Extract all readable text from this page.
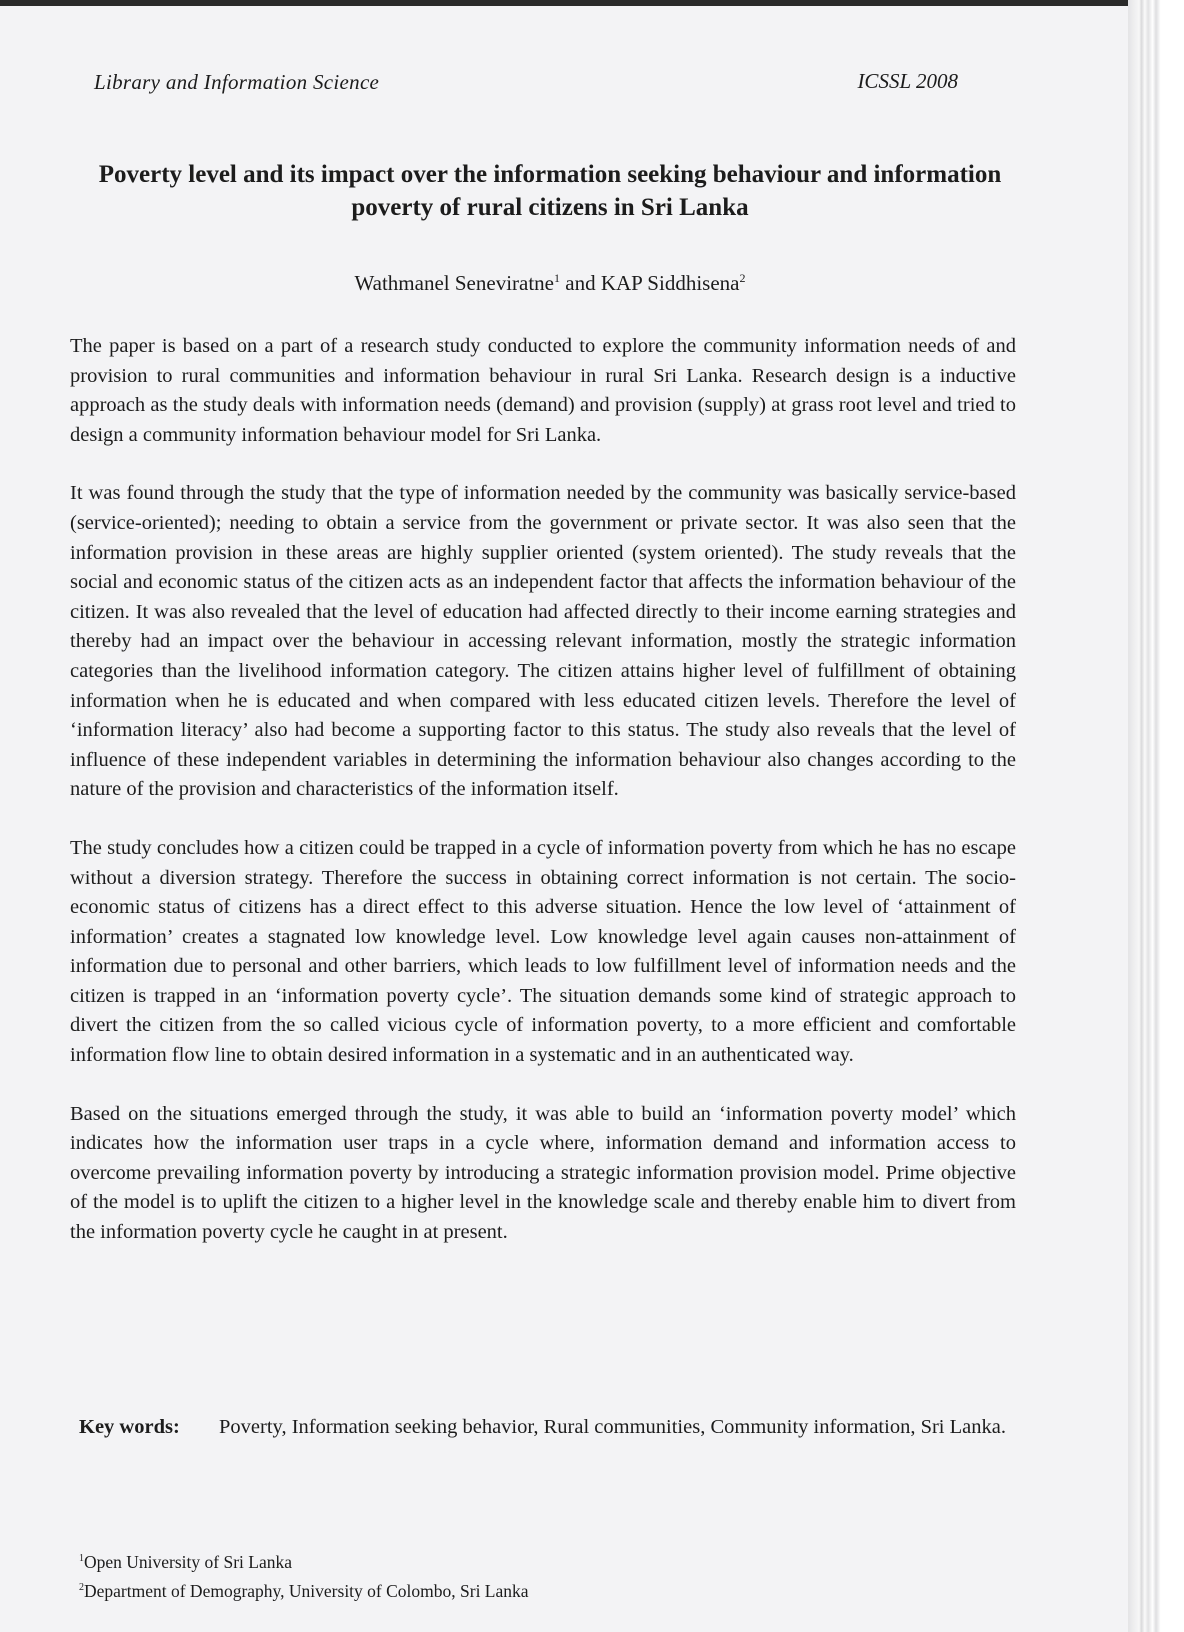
Library and Information Science	ICSSL 2008
Poverty level and its impact over the information seeking behaviour and information poverty of rural citizens in Sri Lanka
Wathmanel Seneviratne$^1$ and KAP Siddhisena$^2$

The paper is based on a part of a research study conducted to explore the community information needs of and provision to rural communities and information behaviour in rural Sri Lanka. Research design is a inductive approach as the study deals with information needs (demand) and provision (supply) at grass root level and tried to design a community information behaviour model for Sri Lanka.

It was found through the study that the type of information needed by the community was basically service-based (service-oriented); needing to obtain a service from the government or private sector. It was also seen that the information provision in these areas are highly supplier oriented (system oriented). The study reveals that the social and economic status of the citizen acts as an independent factor that affects the information behaviour of the citizen. It was also revealed that the level of education had affected directly to their income earning strategies and thereby had an impact over the behaviour in accessing relevant information, mostly the strategic information categories than the livelihood information category. The citizen attains higher level of fulfillment of obtaining information when he is educated and when compared with less educated citizen levels. Therefore the level of ‘information literacy’ also had become a supporting factor to this status. The study also reveals that the level of influence of these independent variables in determining the information behaviour also changes according to the nature of the provision and characteristics of the information itself.

The study concludes how a citizen could be trapped in a cycle of information poverty from which he has no escape without a diversion strategy. Therefore the success in obtaining correct information is not certain. The socio-economic status of citizens has a direct effect to this adverse situation. Hence the low level of ‘attainment of information’ creates a stagnated low knowledge level. Low knowledge level again causes non-attainment of information due to personal and other barriers, which leads to low fulfillment level of information needs and the citizen is trapped in an ‘information poverty cycle’. The situation demands some kind of strategic approach to divert the citizen from the so called vicious cycle of information poverty, to a more efficient and comfortable information flow line to obtain desired information in a systematic and in an authenticated way.

Based on the situations emerged through the study, it was able to build an ‘information poverty model’ which indicates how the information user traps in a cycle where, information demand and information access to overcome prevailing information poverty by introducing a strategic information provision model. Prime objective of the model is to uplift the citizen to a higher level in the knowledge scale and thereby enable him to divert from the information poverty cycle he caught in at present.

Key words:	Poverty, Information seeking behavior, Rural communities, Community information, Sri Lanka.
$^1$Open University of Sri Lanka
$^2$Department of Demography, University of Colombo, Sri Lanka
